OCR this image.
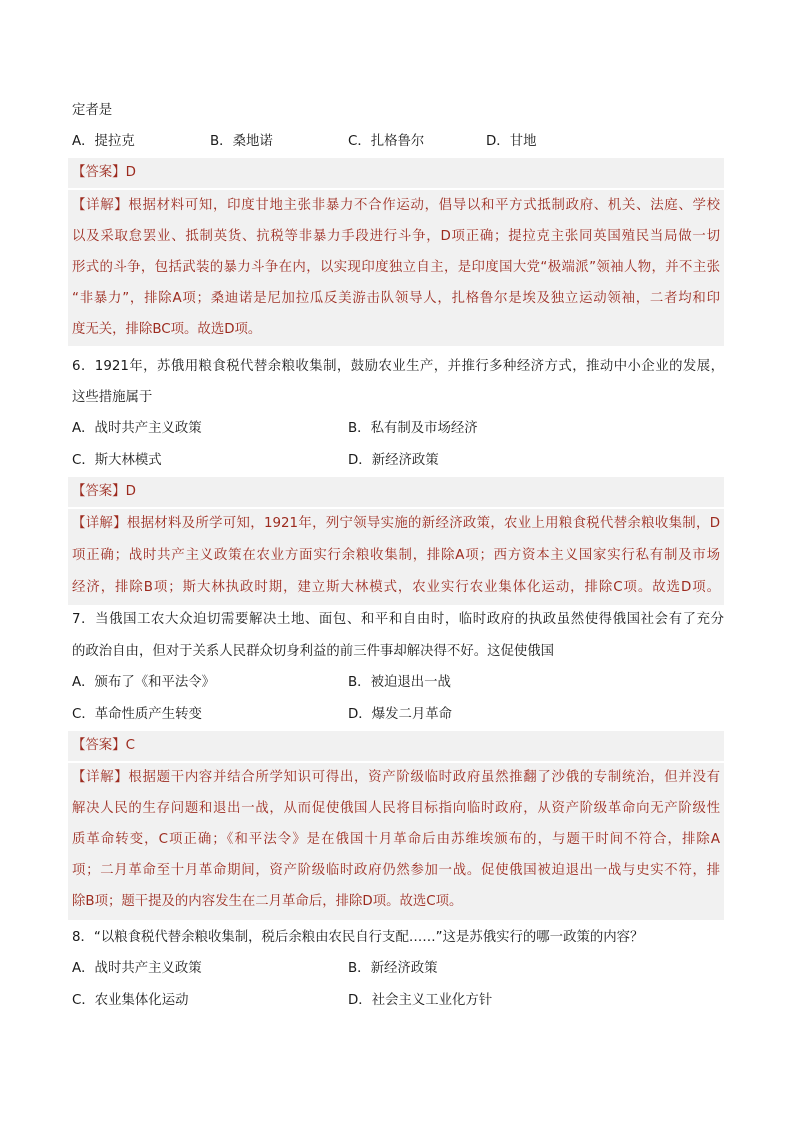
定者是
A．提拉克	B．桑地诺	C．扎格鲁尔	D．甘地
【答案】D
【详解】根据材料可知，印度甘地主张非暴力不合作运动，倡导以和平方式抵制政府、机关、法庭、学校
以及采取怠罢业、抵制英货、抗税等非暴力手段进行斗争，D项正确；提拉克主张同英国殖民当局做一切
形式的斗争，包括武装的暴力斗争在内，以实现印度独立自主，是印度国大党“极端派”领袖人物，并不主张
“非暴力”，排除A项；桑迪诺是尼加拉瓜反美游击队领导人，扎格鲁尔是埃及独立运动领袖，二者均和印
度无关，排除BC项。故选D项。
6．1921年，苏俄用粮食税代替余粮收集制，鼓励农业生产，并推行多种经济方式，推动中小企业的发展，
这些措施属于
A．战时共产主义政策	B．私有制及市场经济
C．斯大林模式	D．新经济政策
【答案】D
【详解】根据材料及所学可知，1921年，列宁领导实施的新经济政策，农业上用粮食税代替余粮收集制，D
项正确；战时共产主义政策在农业方面实行余粮收集制，排除A项；西方资本主义国家实行私有制及市场
经济，排除B项；斯大林执政时期，建立斯大林模式，农业实行农业集体化运动，排除C项。故选D项。
7．当俄国工农大众迫切需要解决土地、面包、和平和自由时，临时政府的执政虽然使得俄国社会有了充分
的政治自由，但对于关系人民群众切身利益的前三件事却解决得不好。这促使俄国
A．颁布了《和平法令》	B．被迫退出一战
C．革命性质产生转变	D．爆发二月革命
【答案】C
【详解】根据题干内容并结合所学知识可得出，资产阶级临时政府虽然推翻了沙俄的专制统治，但并没有
解决人民的生存问题和退出一战，从而促使俄国人民将目标指向临时政府，从资产阶级革命向无产阶级性
质革命转变，C项正确；《和平法令》是在俄国十月革命后由苏维埃颁布的，与题干时间不符合，排除A
项；二月革命至十月革命期间，资产阶级临时政府仍然参加一战。促使俄国被迫退出一战与史实不符，排
除B项；题干提及的内容发生在二月革命后，排除D项。故选C项。
8．“以粮食税代替余粮收集制，税后余粮由农民自行支配……”这是苏俄实行的哪一政策的内容？
A．战时共产主义政策	B．新经济政策
C．农业集体化运动	D．社会主义工业化方针
